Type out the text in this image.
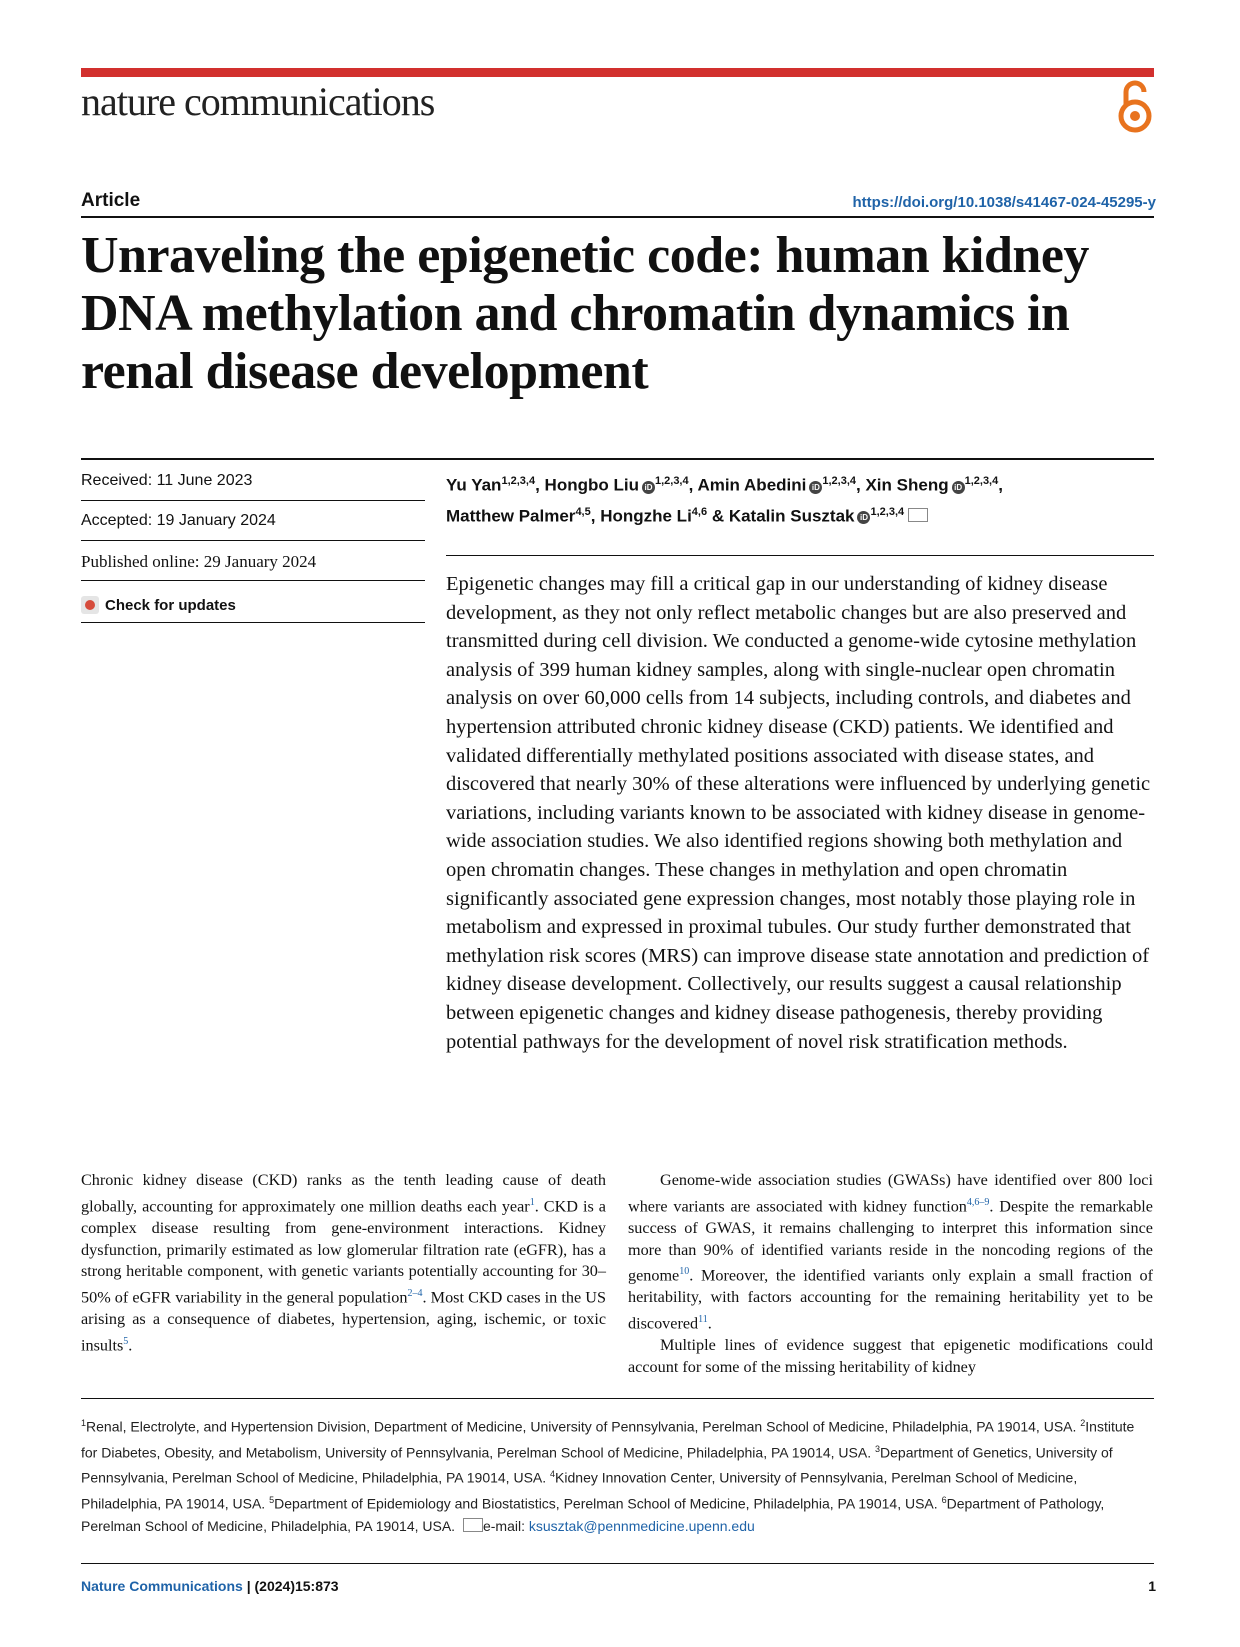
nature communications
Article	https://doi.org/10.1038/s41467-024-45295-y
Unraveling the epigenetic code: human kidney DNA methylation and chromatin dynamics in renal disease development
Received: 11 June 2023
Accepted: 19 January 2024
Published online: 29 January 2024
Check for updates
Yu Yan$^{1,2,3,4}$, Hongbo Liu iD$^{1,2,3,4}$, Amin Abedini iD$^{1,2,3,4}$, Xin Sheng iD$^{1,2,3,4}$,
Matthew Palmer$^{4,5}$, Hongzhe Li$^{4,6}$ & Katalin Susztak iD$^{1,2,3,4}$

Epigenetic changes may fill a critical gap in our understanding of kidney disease development, as they not only reflect metabolic changes but are also preserved and transmitted during cell division. We conducted a genome-wide cytosine methylation analysis of 399 human kidney samples, along with single-nuclear open chromatin analysis on over 60,000 cells from 14 subjects, including controls, and diabetes and hypertension attributed chronic kidney disease (CKD) patients. We identified and validated differentially methylated positions associated with disease states, and discovered that nearly 30% of these alterations were influenced by underlying genetic variations, including variants known to be associated with kidney disease in genome-wide association studies. We also identified regions showing both methylation and open chromatin changes. These changes in methylation and open chromatin significantly associated gene expression changes, most notably those playing role in metabolism and expressed in proximal tubules. Our study further demonstrated that methylation risk scores (MRS) can improve disease state annotation and prediction of kidney disease development. Collectively, our results suggest a causal relationship between epigenetic changes and kidney disease pathogenesis, thereby providing potential pathways for the development of novel risk stratification methods.

Chronic kidney disease (CKD) ranks as the tenth leading cause of death globally, accounting for approximately one million deaths each year$^1$. CKD is a complex disease resulting from gene-environment interactions. Kidney dysfunction, primarily estimated as low glomerular filtration rate (eGFR), has a strong heritable component, with genetic variants potentially accounting for 30–50% of eGFR variability in the general population$^{2-4}$. Most CKD cases in the US arising as a consequence of diabetes, hypertension, aging, ischemic, or toxic insults$^5$.

Genome-wide association studies (GWASs) have identified over 800 loci where variants are associated with kidney function$^{4,6-9}$. Despite the remarkable success of GWAS, it remains challenging to interpret this information since more than 90% of identified variants reside in the noncoding regions of the genome$^{10}$. Moreover, the identified variants only explain a small fraction of heritability, with factors accounting for the remaining heritability yet to be discovered$^{11}$.

Multiple lines of evidence suggest that epigenetic modifications could account for some of the missing heritability of kidney

$^1$Renal, Electrolyte, and Hypertension Division, Department of Medicine, University of Pennsylvania, Perelman School of Medicine, Philadelphia, PA 19014, USA. $^2$Institute for Diabetes, Obesity, and Metabolism, University of Pennsylvania, Perelman School of Medicine, Philadelphia, PA 19014, USA. $^3$Department of Genetics, University of Pennsylvania, Perelman School of Medicine, Philadelphia, PA 19014, USA. $^4$Kidney Innovation Center, University of Pennsylvania, Perelman School of Medicine, Philadelphia, PA 19014, USA. $^5$Department of Epidemiology and Biostatistics, Perelman School of Medicine, Philadelphia, PA 19014, USA. $^6$Department of Pathology, Perelman School of Medicine, Philadelphia, PA 19014, USA. e-mail: ksusztak@pennmedicine.upenn.edu

Nature Communications | (2024)15:873	1
